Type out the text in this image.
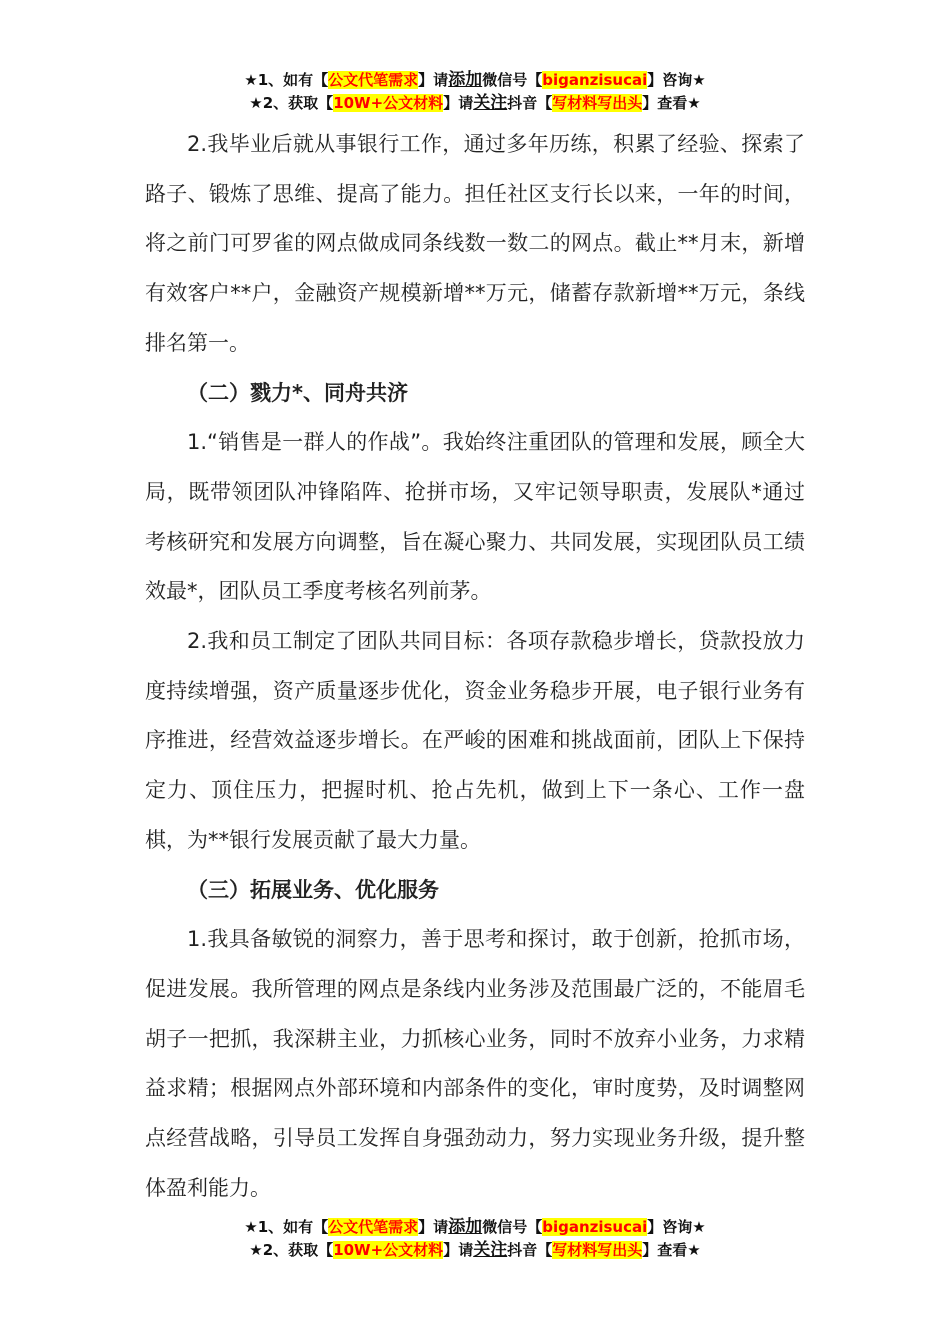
★1、如有【公文代笔需求】请添加微信号【biganzisucai】咨询★
★2、获取【10W+公文材料】请关注抖音【写材料写出头】查看★

2.我毕业后就从事银行工作，通过多年历练，积累了经验、探索了路子、锻炼了思维、提高了能力。担任社区支行长以来，一年的时间，将之前门可罗雀的网点做成同条线数一数二的网点。截止**月末，新增有效客户**户，金融资产规模新增**万元，储蓄存款新增**万元，条线排名第一。

（二）戮力*、同舟共济

1.“销售是一群人的作战”。我始终注重团队的管理和发展，顾全大局，既带领团队冲锋陷阵、抢拼市场，又牢记领导职责，发展队*通过考核研究和发展方向调整，旨在凝心聚力、共同发展，实现团队员工绩效最*，团队员工季度考核名列前茅。

2.我和员工制定了团队共同目标：各项存款稳步增长，贷款投放力度持续增强，资产质量逐步优化，资金业务稳步开展，电子银行业务有序推进，经营效益逐步增长。在严峻的困难和挑战面前，团队上下保持定力、顶住压力，把握时机、抢占先机，做到上下一条心、工作一盘棋，为**银行发展贡献了最大力量。

（三）拓展业务、优化服务

1.我具备敏锐的洞察力，善于思考和探讨，敢于创新，抢抓市场，促进发展。我所管理的网点是条线内业务涉及范围最广泛的，不能眉毛胡子一把抓，我深耕主业，力抓核心业务，同时不放弃小业务，力求精益求精；根据网点外部环境和内部条件的变化，审时度势，及时调整网点经营战略，引导员工发挥自身强劲动力，努力实现业务升级，提升整体盈利能力。

★1、如有【公文代笔需求】请添加微信号【biganzisucai】咨询★
★2、获取【10W+公文材料】请关注抖音【写材料写出头】查看★
